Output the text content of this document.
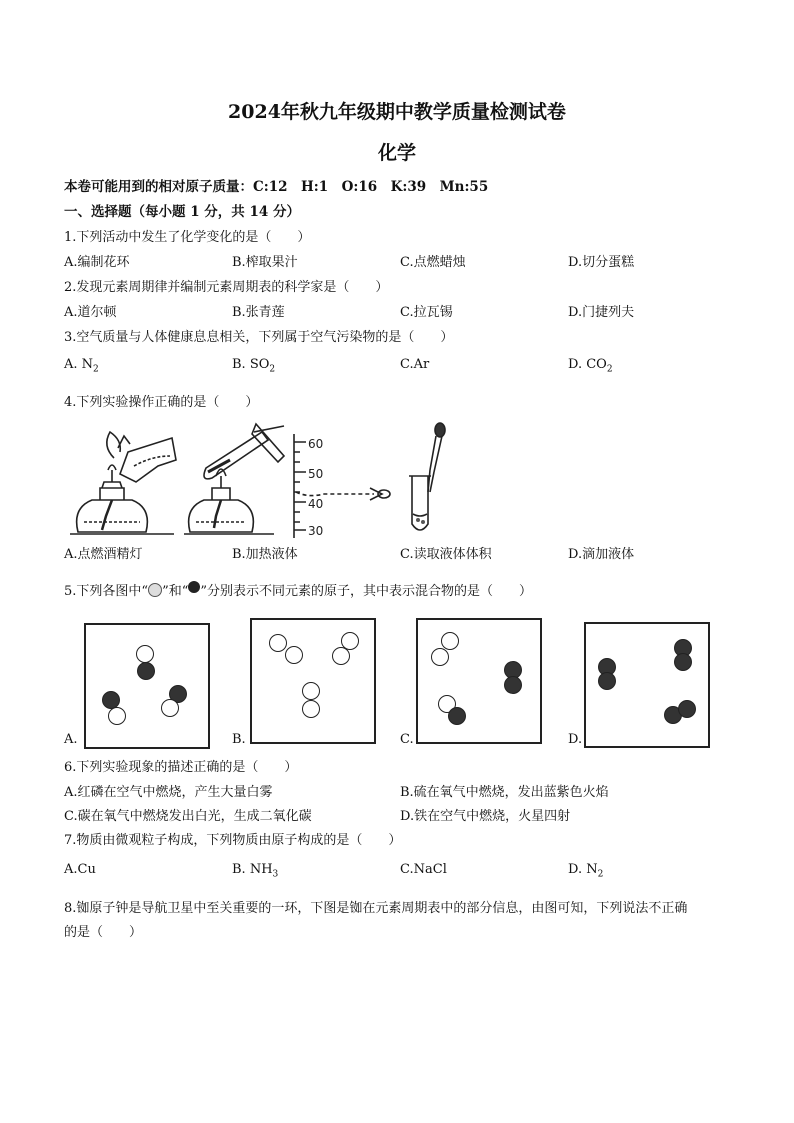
2024年秋九年级期中教学质量检测试卷
化学
本卷可能用到的相对原子质量：C:12　H:1　O:16　K:39　Mn:55
一、选择题（每小题 1 分，共 14 分）
1.下列活动中发生了化学变化的是（　　）
A.编制花环	B.榨取果汁	C.点燃蜡烛	D.切分蛋糕
2.发现元素周期律并编制元素周期表的科学家是（　　）
A.道尔顿	B.张青莲	C.拉瓦锡	D.门捷列夫
3.空气质量与人体健康息息相关，下列属于空气污染物的是（　　）
A. $N_2$	B. $SO_2$	C.Ar	D. $CO_2$
4.下列实验操作正确的是（　　）
60
50
40
30
A.点燃酒精灯	B.加热液体	C.读取液体体积	D.滴加液体
5.下列各图中“ ”和“ ”分别表示不同元素的原子，其中表示混合物的是（　　）
A.	B.	C.	D.
6.下列实验现象的描述正确的是（　　）
A.红磷在空气中燃烧，产生大量白雾	B.硫在氧气中燃烧，发出蓝紫色火焰
C.碳在氧气中燃烧发出白光，生成二氧化碳	D.铁在空气中燃烧，火星四射
7.物质由微观粒子构成，下列物质由原子构成的是（　　）
A.Cu	B. $NH_3$	C.NaCl	D. $N_2$
8.铷原子钟是导航卫星中至关重要的一环，下图是铷在元素周期表中的部分信息，由图可知，下列说法不正确
的是（　　）
